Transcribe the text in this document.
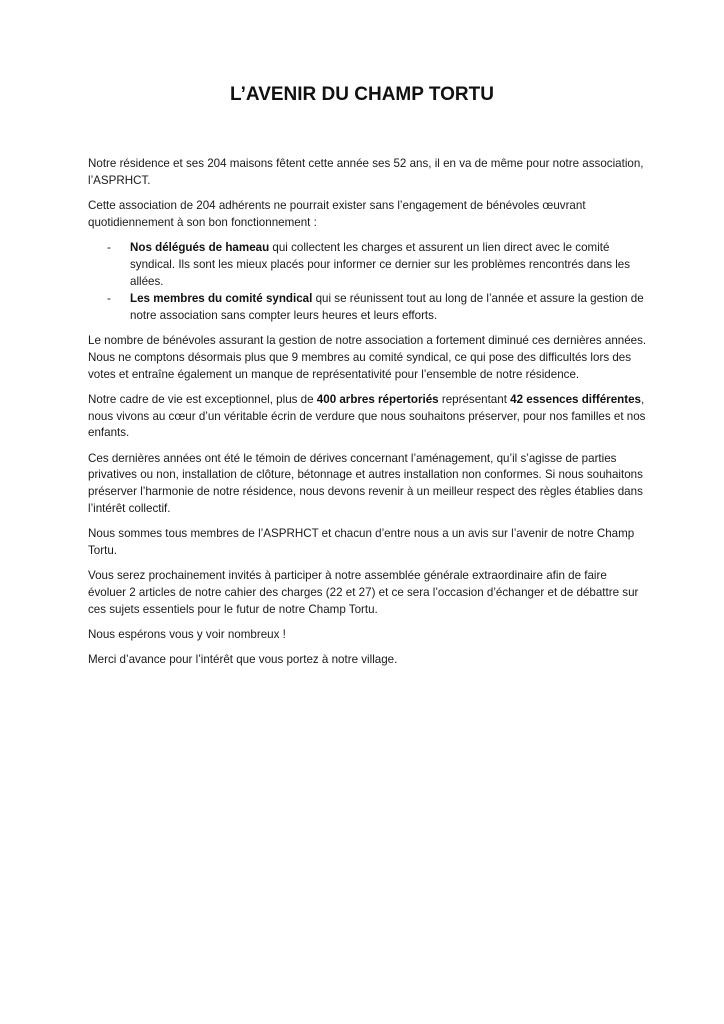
L’AVENIR DU CHAMP TORTU

Notre résidence et ses 204 maisons fêtent cette année ses 52 ans, il en va de même pour notre association, l’ASPRHCT.

Cette association de 204 adhérents ne pourrait exister sans l’engagement de bénévoles œuvrant quotidiennement à son bon fonctionnement :

- Nos délégués de hameau qui collectent les charges et assurent un lien direct avec le comité syndical. Ils sont les mieux placés pour informer ce dernier sur les problèmes rencontrés dans les allées.
- Les membres du comité syndical qui se réunissent tout au long de l’année et assure la gestion de notre association sans compter leurs heures et leurs efforts.

Le nombre de bénévoles assurant la gestion de notre association a fortement diminué ces dernières années. Nous ne comptons désormais plus que 9 membres au comité syndical, ce qui pose des difficultés lors des votes et entraîne également un manque de représentativité pour l’ensemble de notre résidence.

Notre cadre de vie est exceptionnel, plus de 400 arbres répertoriés représentant 42 essences différentes, nous vivons au cœur d’un véritable écrin de verdure que nous souhaitons préserver, pour nos familles et nos enfants.

Ces dernières années ont été le témoin de dérives concernant l’aménagement, qu’il s’agisse de parties privatives ou non, installation de clôture, bétonnage et autres installation non conformes. Si nous souhaitons préserver l’harmonie de notre résidence, nous devons revenir à un meilleur respect des règles établies dans l’intérêt collectif.

Nous sommes tous membres de l’ASPRHCT et chacun d’entre nous a un avis sur l’avenir de notre Champ Tortu.

Vous serez prochainement invités à participer à notre assemblée générale extraordinaire afin de faire évoluer 2 articles de notre cahier des charges (22 et 27) et ce sera l’occasion d’échanger et de débattre sur ces sujets essentiels pour le futur de notre Champ Tortu.

Nous espérons vous y voir nombreux !

Merci d’avance pour l’intérêt que vous portez à notre village.
